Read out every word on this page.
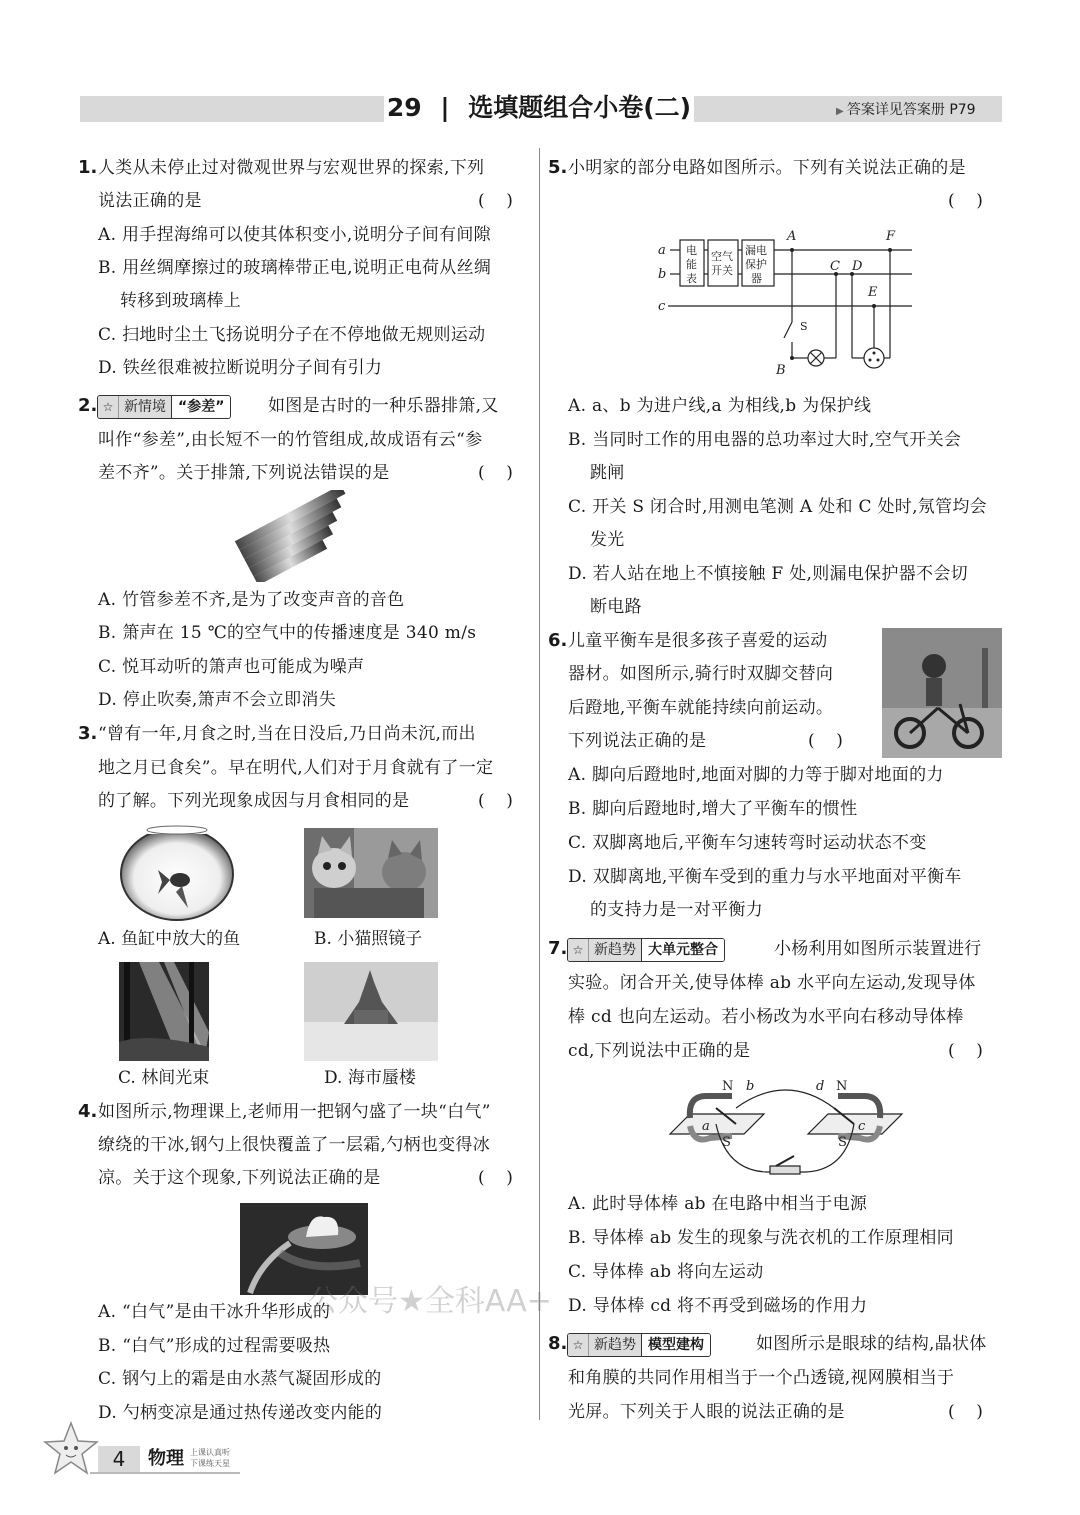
29 | 选填题组合小卷(二)	▶ 答案详见答案册 P79
1. 人类从未停止过对微观世界与宏观世界的探索,下列
说法正确的是	(    )
A. 用手捏海绵可以使其体积变小,说明分子间有间隙
B. 用丝绸摩擦过的玻璃棒带正电,说明正电荷从丝绸
转移到玻璃棒上
C. 扫地时尘土飞扬说明分子在不停地做无规则运动
D. 铁丝很难被拉断说明分子间有引力
2. ☆ 新情境 “参差”	如图是古时的一种乐器排箫,又
叫作“参差”,由长短不一的竹管组成,故成语有云“参
差不齐”。关于排箫,下列说法错误的是	(    )
A. 竹管参差不齐,是为了改变声音的音色
B. 箫声在 15 ℃的空气中的传播速度是 340 m/s
C. 悦耳动听的箫声也可能成为噪声
D. 停止吹奏,箫声不会立即消失
3. “曾有一年,月食之时,当在日没后,乃日尚未沉,而出
地之月已食矣”。早在明代,人们对于月食就有了一定
的了解。下列光现象成因与月食相同的是	(    )
A. 鱼缸中放大的鱼	B. 小猫照镜子
C. 林间光束	D. 海市蜃楼
4. 如图所示,物理课上,老师用一把钢勺盛了一块“白气”
缭绕的干冰,钢勺上很快覆盖了一层霜,勺柄也变得冰
凉。关于这个现象,下列说法正确的是	(    )
A. “白气”是由干冰升华形成的
B. “白气”形成的过程需要吸热
C. 钢勺上的霜是由水蒸气凝固形成的
D. 勺柄变凉是通过热传递改变内能的
5. 小明家的部分电路如图所示。下列有关说法正确的是
(    )
a
b
c
A	F
C D
E
B
S
电
能
表
空气
开关
漏电
保护
器
A. a、b 为进户线,a 为相线,b 为保护线
B. 当同时工作的用电器的总功率过大时,空气开关会
跳闸
C. 开关 S 闭合时,用测电笔测 A 处和 C 处时,氖管均会
发光
D. 若人站在地上不慎接触 F 处,则漏电保护器不会切
断电路
6. 儿童平衡车是很多孩子喜爱的运动
器材。如图所示,骑行时双脚交替向
后蹬地,平衡车就能持续向前运动。
下列说法正确的是	(    )
A. 脚向后蹬地时,地面对脚的力等于脚对地面的力
B. 脚向后蹬地时,增大了平衡车的惯性
C. 双脚离地后,平衡车匀速转弯时运动状态不变
D. 双脚离地,平衡车受到的重力与水平地面对平衡车
的支持力是一对平衡力
7. ☆ 新趋势 大单元整合	小杨利用如图所示装置进行
实验。闭合开关,使导体棒 ab 水平向左运动,发现导体
棒 cd 也向左运动。若小杨改为水平向右移动导体棒
cd,下列说法中正确的是	(    )
N b
a
S
d N
c
S
A. 此时导体棒 ab 在电路中相当于电源
B. 导体棒 ab 发生的现象与洗衣机的工作原理相同
C. 导体棒 ab 将向左运动
D. 导体棒 cd 将不再受到磁场的作用力
8. ☆ 新趋势 模型建构	如图所示是眼球的结构,晶状体
和角膜的共同作用相当于一个凸透镜,视网膜相当于
光屏。下列关于人眼的说法正确的是	(    )
公众号★全科AA+
4	物理 上课认真听
下课练天星
